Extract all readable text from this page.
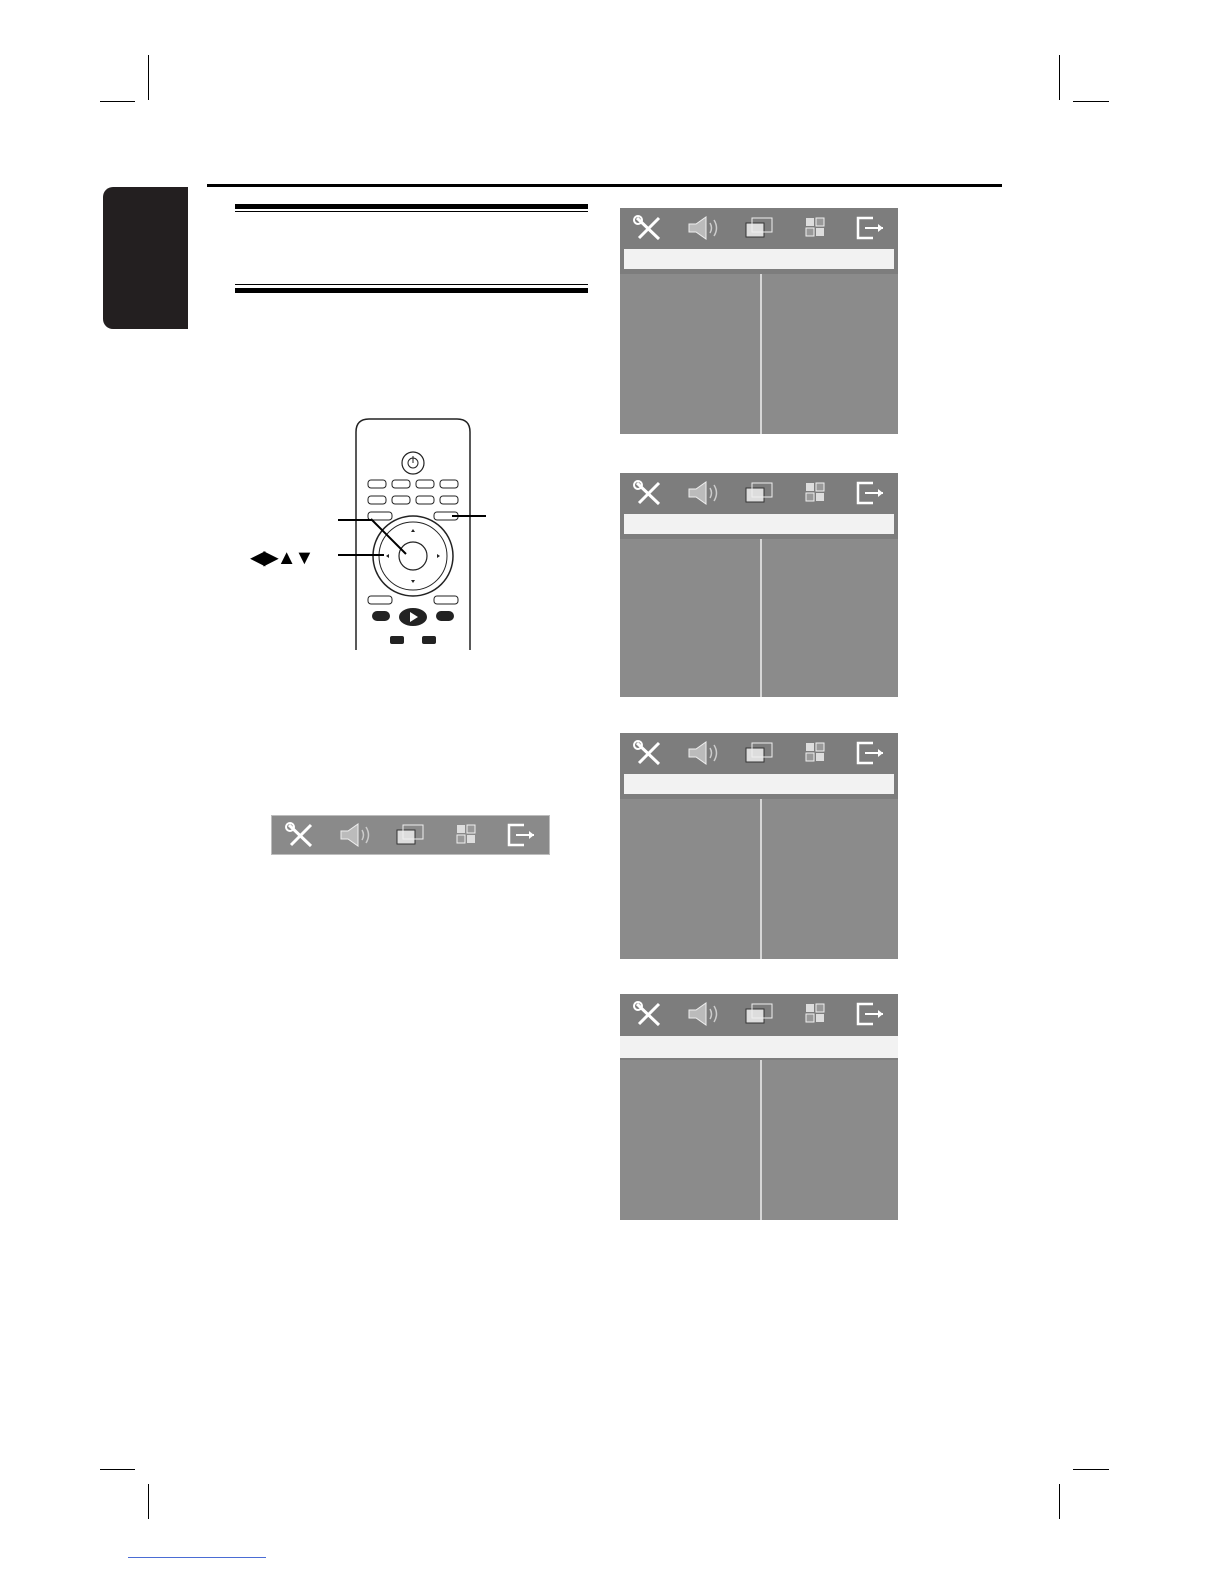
◀▶▲▼
